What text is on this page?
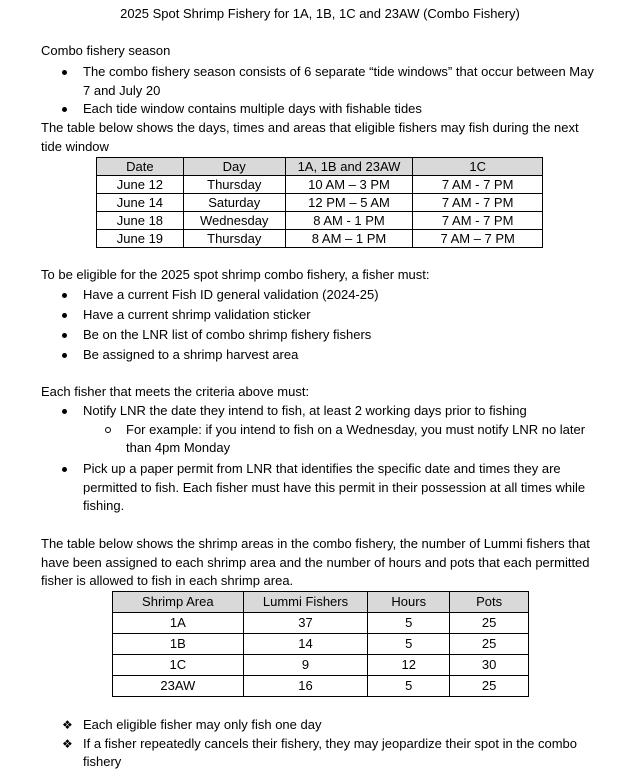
2025 Spot Shrimp Fishery for 1A, 1B, 1C and 23AW (Combo Fishery)
Combo fishery season
The combo fishery season consists of 6 separate “tide windows” that occur between May 7 and July 20
Each tide window contains multiple days with fishable tides
The table below shows the days, times and areas that eligible fishers may fish during the next tide window
Date	Day	1A, 1B and 23AW	1C
June 12	Thursday	10 AM – 3 PM	7 AM - 7 PM
June 14	Saturday	12 PM – 5 AM	7 AM - 7 PM
June 18	Wednesday	8 AM - 1 PM	7 AM - 7 PM
June 19	Thursday	8 AM – 1 PM	7 AM – 7 PM
To be eligible for the 2025 spot shrimp combo fishery, a fisher must:
Have a current Fish ID general validation (2024-25)
Have a current shrimp validation sticker
Be on the LNR list of combo shrimp fishery fishers
Be assigned to a shrimp harvest area
Each fisher that meets the criteria above must:
Notify LNR the date they intend to fish, at least 2 working days prior to fishing
For example: if you intend to fish on a Wednesday, you must notify LNR no later than 4pm Monday
Pick up a paper permit from LNR that identifies the specific date and times they are permitted to fish. Each fisher must have this permit in their possession at all times while fishing.
The table below shows the shrimp areas in the combo fishery, the number of Lummi fishers that have been assigned to each shrimp area and the number of hours and pots that each permitted fisher is allowed to fish in each shrimp area.
Shrimp Area	Lummi Fishers	Hours	Pots
1A	37	5	25
1B	14	5	25
1C	9	12	30
23AW	16	5	25
❖ Each eligible fisher may only fish one day
❖ If a fisher repeatedly cancels their fishery, they may jeopardize their spot in the combo fishery
